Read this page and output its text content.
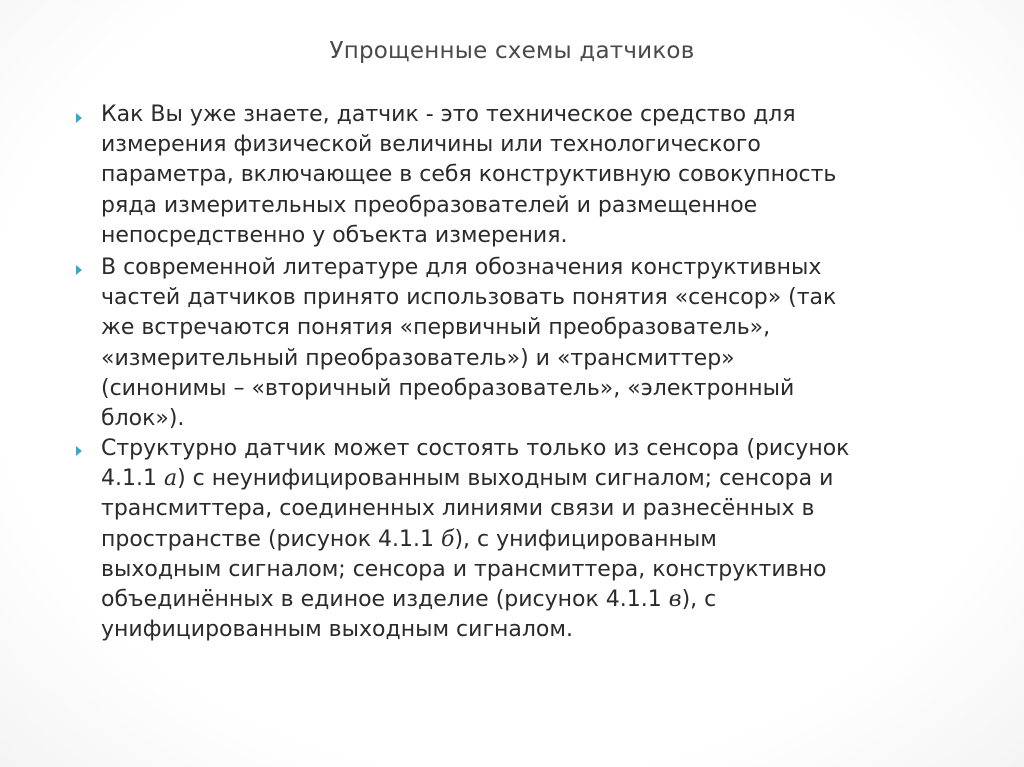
Упрощенные схемы датчиков
Как Вы уже знаете, датчик - это техническое средство для
измерения физической величины или технологического
параметра, включающее в себя конструктивную совокупность
ряда измерительных преобразователей и размещенное
непосредственно у объекта измерения.
В современной литературе для обозначения конструктивных
частей датчиков принято использовать понятия «сенсор» (так
же встречаются понятия «первичный преобразователь»,
«измерительный преобразователь») и «трансмиттер»
(синонимы – «вторичный преобразователь», «электронный
блок»).
Структурно датчик может состоять только из сенсора (рисунок
4.1.1 а) с неунифицированным выходным сигналом; сенсора и
трансмиттера, соединенных линиями связи и разнесённых в
пространстве (рисунок 4.1.1 б), с унифицированным
выходным сигналом; сенсора и трансмиттера, конструктивно
объединённых в единое изделие (рисунок 4.1.1 в), с
унифицированным выходным сигналом.
